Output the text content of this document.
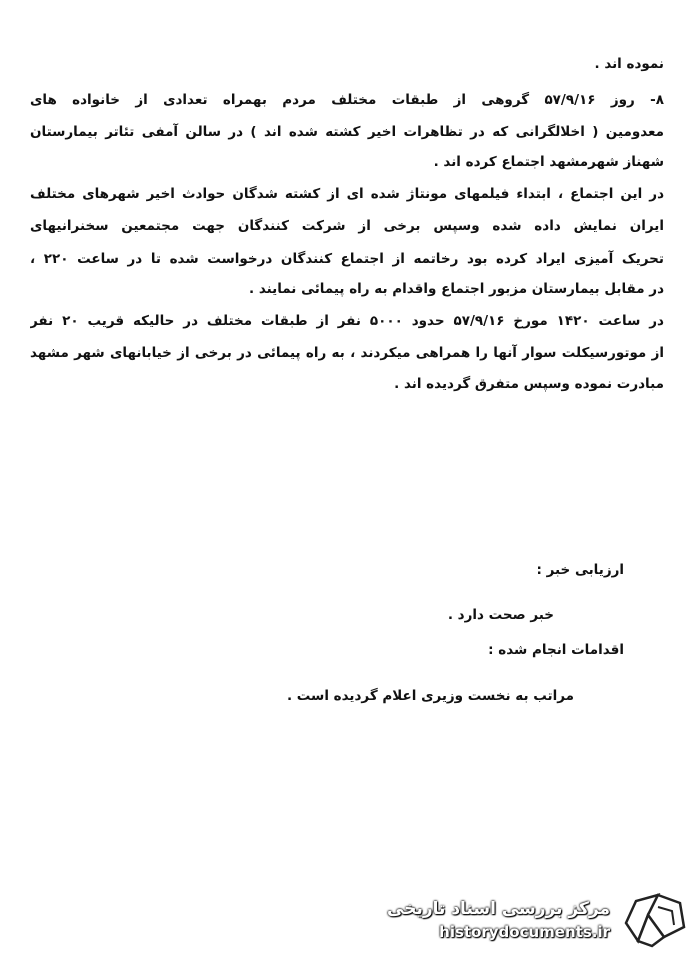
نموده اند .
۸- روز ۵۷/۹/۱۶ گروهی از طبقات مختلف مردم بهمراه تعدادی از خانواده های
معدومین ( اخلالگرانی که در تظاهرات اخیر کشته شده اند ) در سالن آمفی تئاتر بیمارستان
شهناز شهرمشهد اجتماع کرده اند .
در این اجتماع ، ابتداء فیلمهای مونتاژ شده ای از کشته شدگان حوادث اخیر شهرهای مختلف
ایران نمایش داده شده وسپس برخی از شرکت کنندگان جهت مجتمعین سخنرانیهای
تحریک آمیزی ایراد کرده بود رخاتمه از اجتماع کنندگان درخواست شده تا در ساعت ۲۲۰ ،
در مقابل بیمارستان مزبور اجتماع واقدام به راه پیمائی نمایند .
در ساعت ۱۴۲۰ مورخ ۵۷/۹/۱۶ حدود ۵۰۰۰ نفر از طبقات مختلف در حالیکه قریب ۲۰ نفر
از موتورسیکلت سوار آنها را همراهی میکردند ، به راه پیمائی در برخی از خیابانهای شهر مشهد
مبادرت نموده وسپس متفرق گردیده اند .
ارزیابی خبر :
خبر صحت دارد .
اقدامات انجام شده :
مراتب به نخست وزیری اعلام گردیده است .
مرکز بررسی اسناد تاریخی
historydocuments.ir
